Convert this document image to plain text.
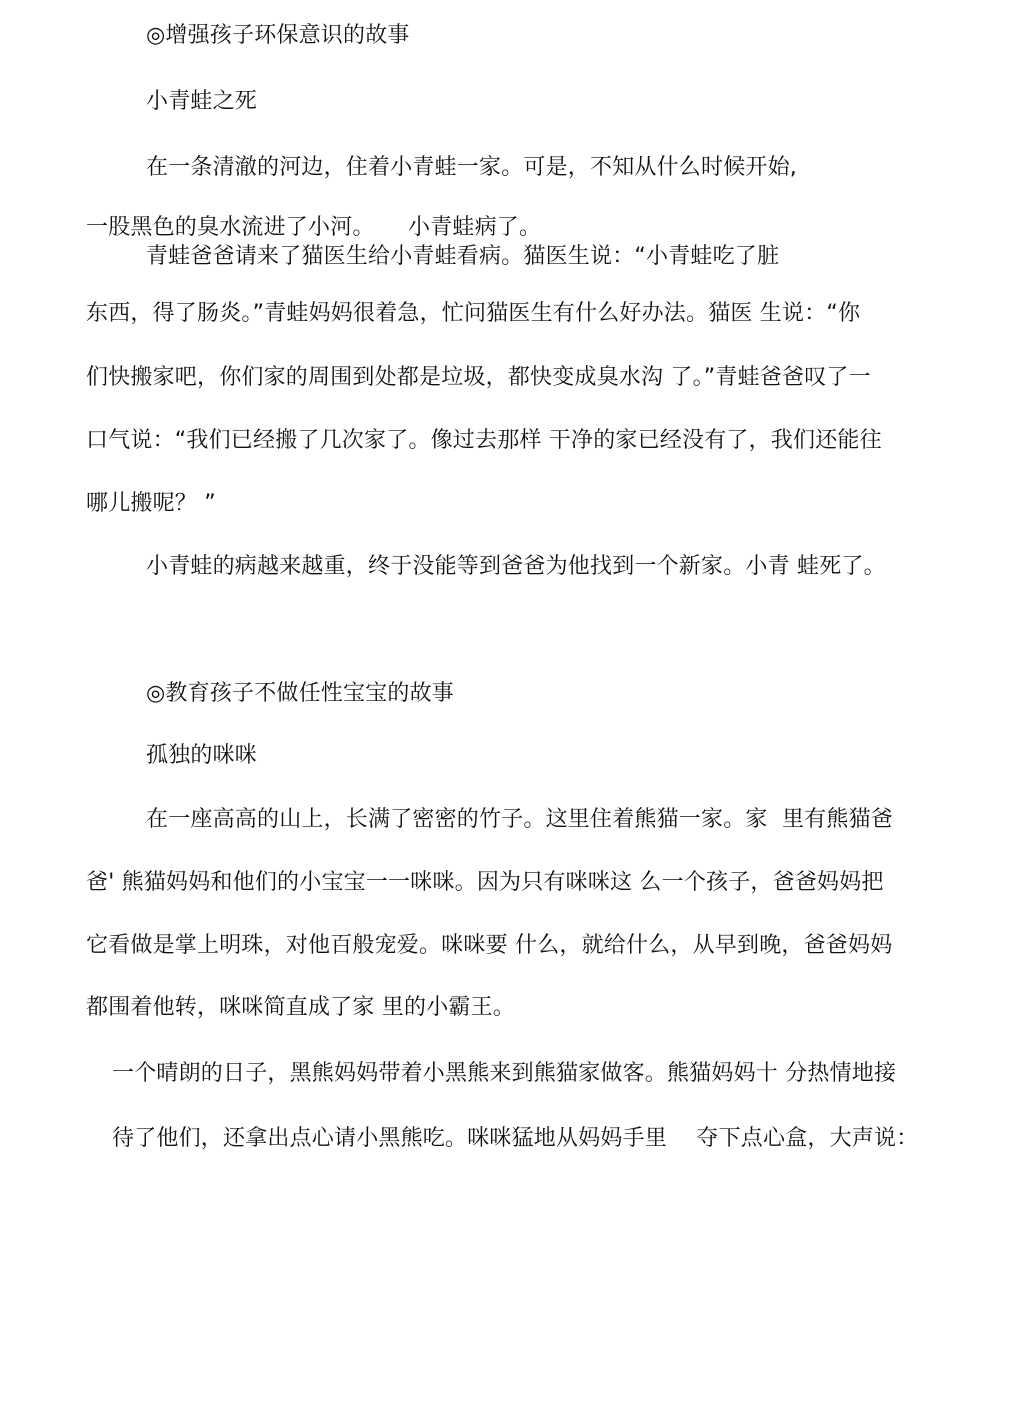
◎增强孩子环保意识的故事
小青蛙之死
在一条清澈的河边，住着小青蛙一家。可是，不知从什么时候开始,
一股黑色的臭水流进了小河。　　小青蛙病了。
青蛙爸爸请来了猫医生给小青蛙看病。猫医生说：“小青蛙吃了脏
东西，得了肠炎。”青蛙妈妈很着急，忙问猫医生有什么好办法。猫医 生说：“你
们快搬家吧，你们家的周围到处都是垃圾，都快变成臭水沟 了。”青蛙爸爸叹了一
口气说：“我们已经搬了几次家了。像过去那样 干净的家已经没有了，我们还能往
哪儿搬呢？ ”
小青蛙的病越来越重，终于没能等到爸爸为他找到一个新家。小青 蛙死了。
◎教育孩子不做任性宝宝的故事
孤独的咪咪
在一座高高的山上，长满了密密的竹子。这里住着熊猫一家。家  里有熊猫爸
爸' 熊猫妈妈和他们的小宝宝一一咪咪。因为只有咪咪这 么一个孩子，爸爸妈妈把
它看做是掌上明珠，对他百般宠爱。咪咪要 什么，就给什么，从早到晚，爸爸妈妈
都围着他转，咪咪简直成了家 里的小霸王。
一个晴朗的日子，黑熊妈妈带着小黑熊来到熊猫家做客。熊猫妈妈十 分热情地接
待了他们，还拿出点心请小黑熊吃。咪咪猛地从妈妈手里　 夺下点心盒，大声说：
